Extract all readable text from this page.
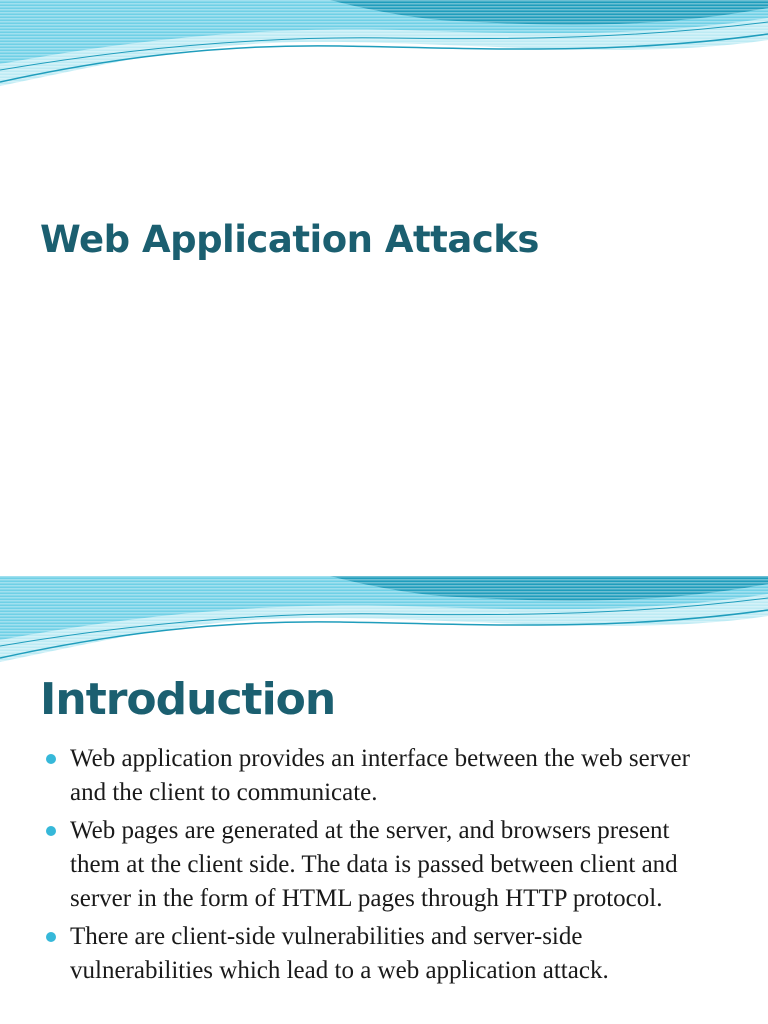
Web Application Attacks
Introduction
Web application provides an interface between the web server and the client to communicate.
Web pages are generated at the server, and browsers present them at the client side. The data is passed between client and server in the form of HTML pages through HTTP protocol.
There are client-side vulnerabilities and server-side vulnerabilities which lead to a web application attack.
